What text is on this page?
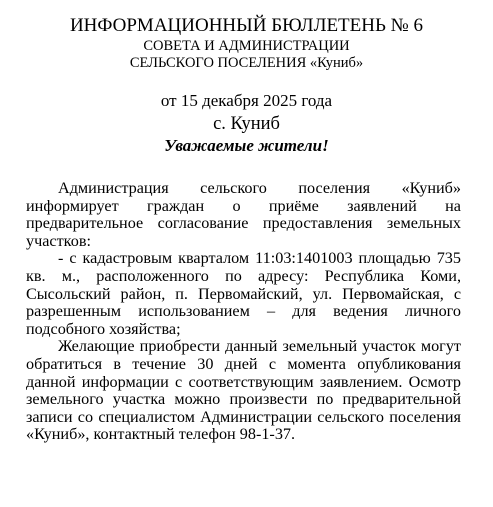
ИНФОРМАЦИОННЫЙ БЮЛЛЕТЕНЬ № 6
СОВЕТА И АДМИНИСТРАЦИИ
СЕЛЬСКОГО ПОСЕЛЕНИЯ «Куниб»
от 15 декабря 2025 года
с. Куниб
Уважаемые жители!

Администрация сельского поселения «Куниб» информирует граждан о приёме заявлений на предварительное согласование предоставления земельных участков:

- с кадастровым кварталом 11:03:1401003 площадью 735 кв. м., расположенного по адресу: Республика Коми, Сысольский район, п. Первомайский, ул. Первомайская, с разрешенным использованием – для ведения личного подсобного хозяйства;

Желающие приобрести данный земельный участок могут обратиться в течение 30 дней с момента опубликования данной информации с соответствующим заявлением. Осмотр земельного участка можно произвести по предварительной записи со специалистом Администрации сельского поселения «Куниб», контактный телефон 98-1-37.
